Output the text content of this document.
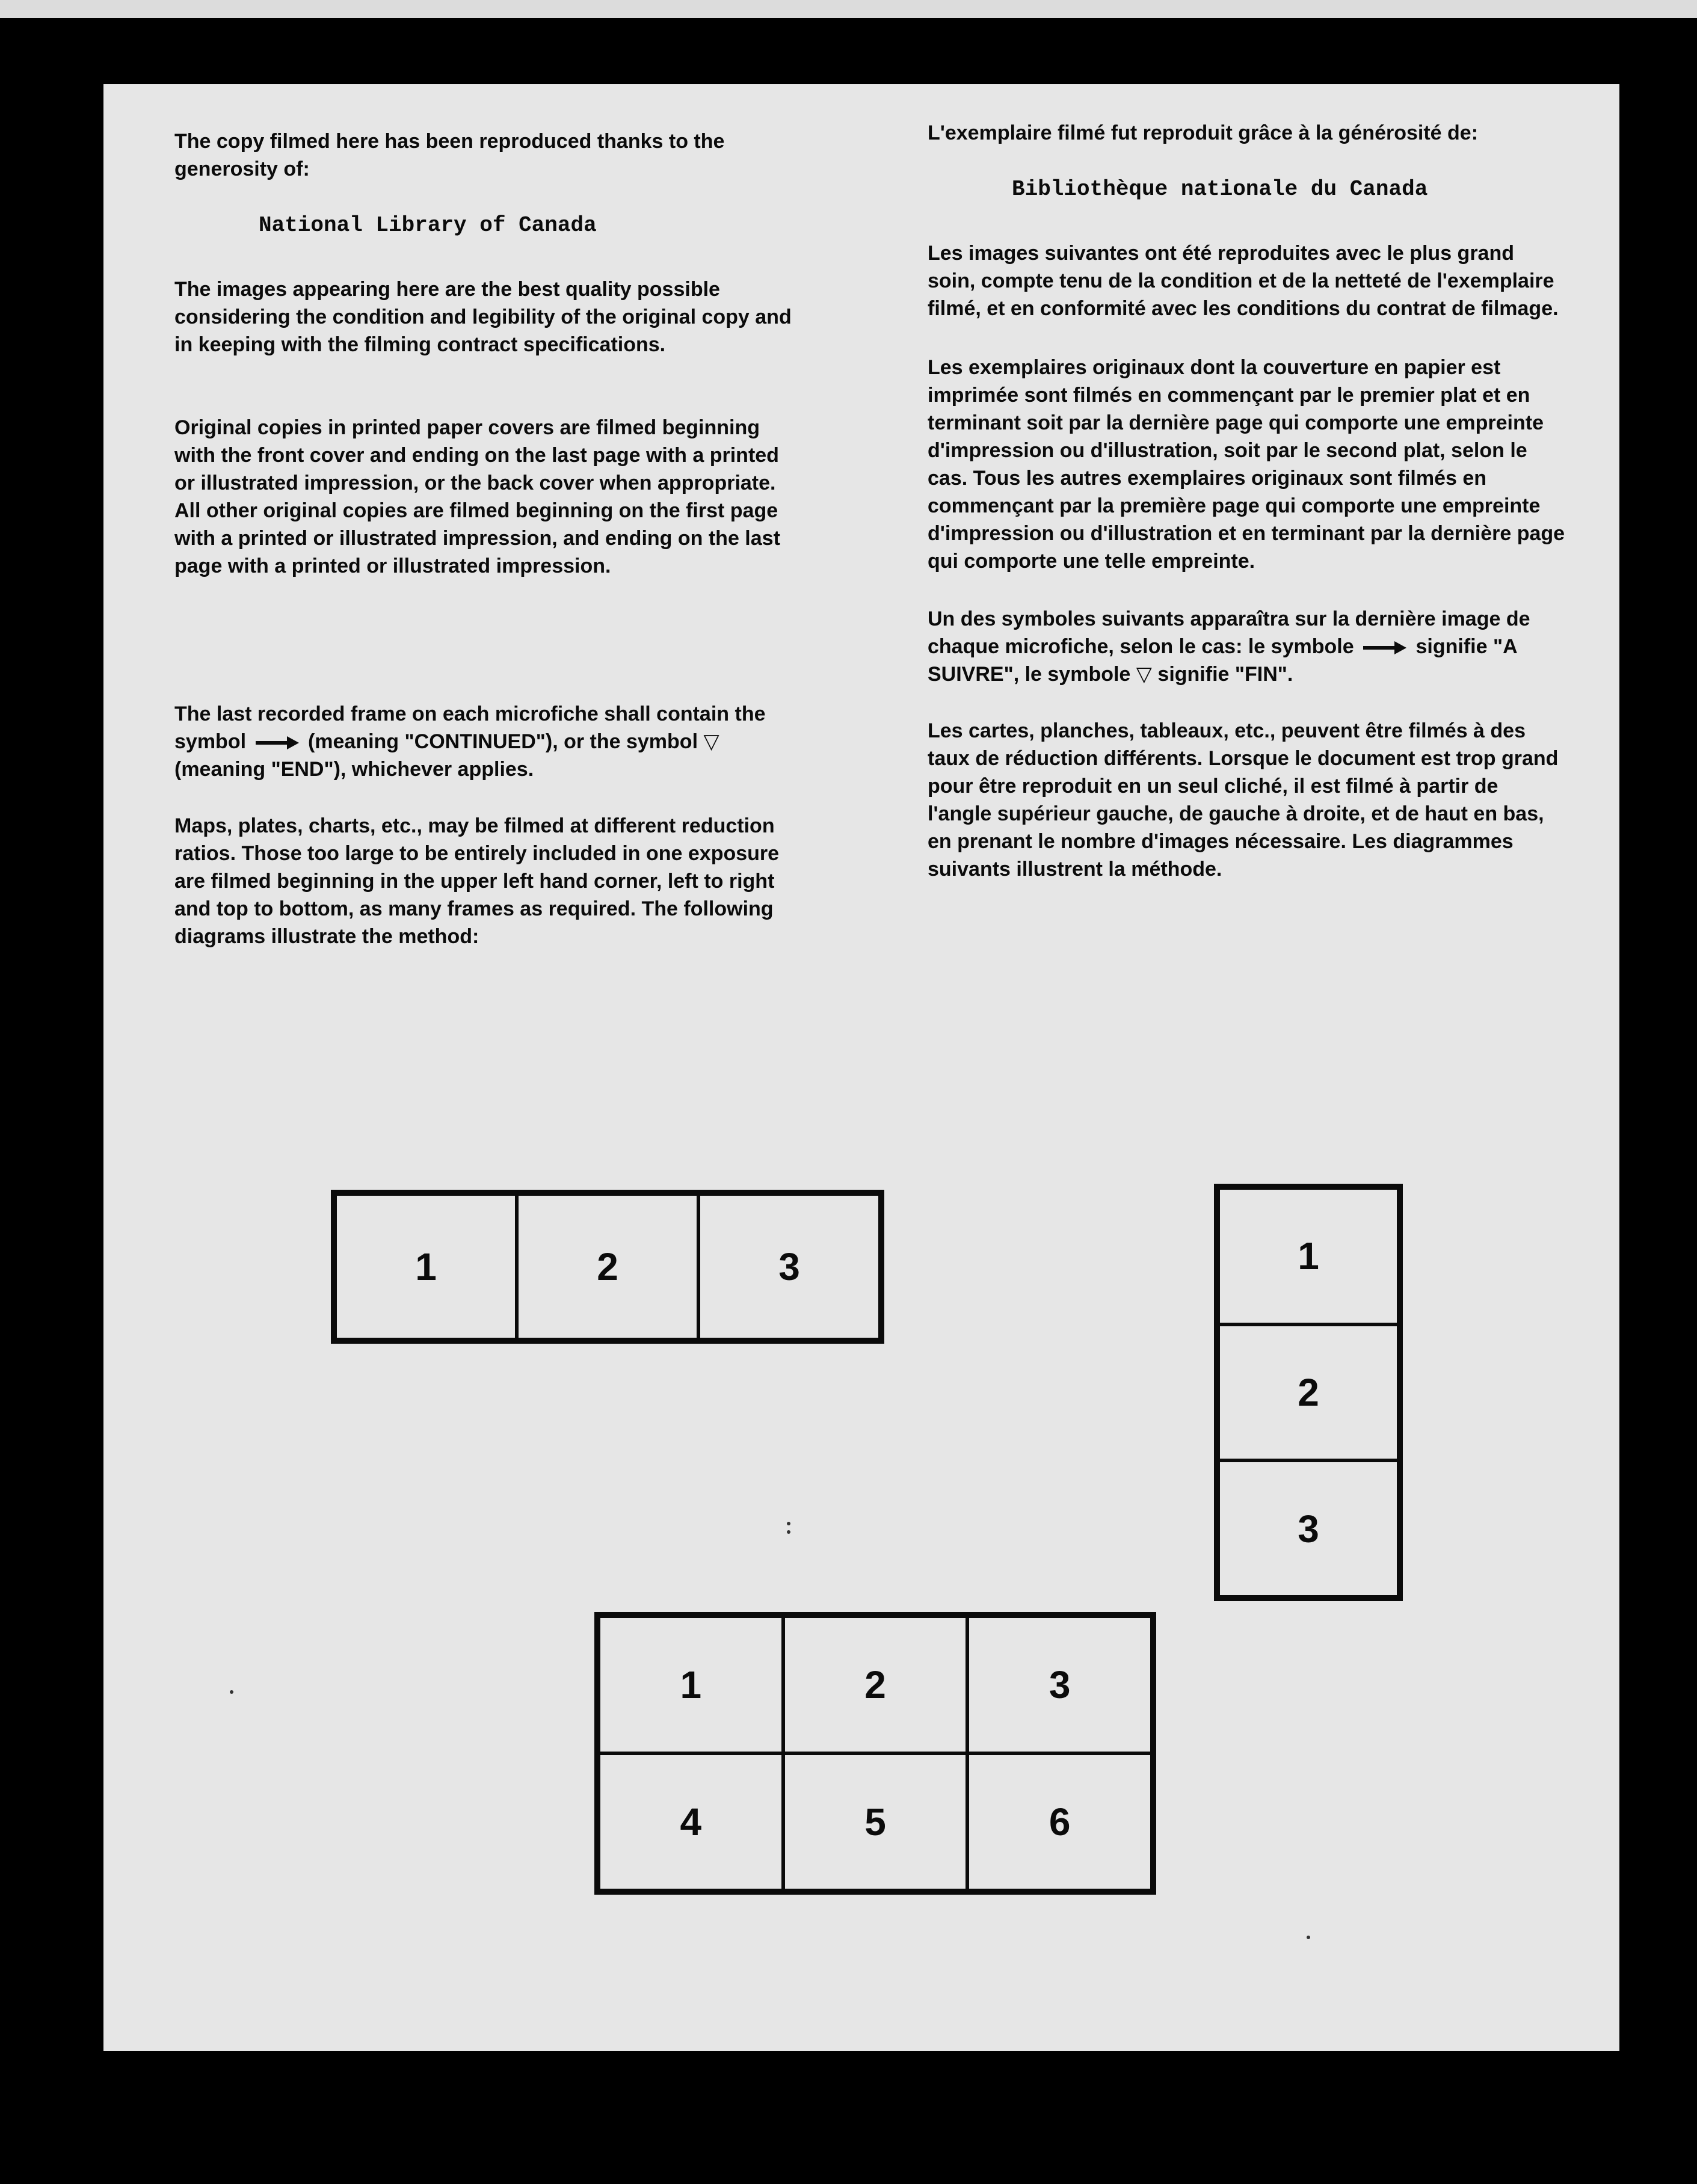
The copy filmed here has been reproduced thanks to the generosity of:

National Library of Canada

The images appearing here are the best quality possible considering the condition and legibility of the original copy and in keeping with the filming contract specifications.

Original copies in printed paper covers are filmed beginning with the front cover and ending on the last page with a printed or illustrated impression, or the back cover when appropriate. All other original copies are filmed beginning on the first page with a printed or illustrated impression, and ending on the last page with a printed or illustrated impression.

The last recorded frame on each microfiche shall contain the symbol	(meaning "CONTINUED"), or the symbol ▽ (meaning "END"), whichever applies.

Maps, plates, charts, etc., may be filmed at different reduction ratios. Those too large to be entirely included in one exposure are filmed beginning in the upper left hand corner, left to right and top to bottom, as many frames as required. The following diagrams illustrate the method:

L'exemplaire filmé fut reproduit grâce à la générosité de:

Bibliothèque nationale du Canada

Les images suivantes ont été reproduites avec le plus grand soin, compte tenu de la condition et de la netteté de l'exemplaire filmé, et en conformité avec les conditions du contrat de filmage.

Les exemplaires originaux dont la couverture en papier est imprimée sont filmés en commençant par le premier plat et en terminant soit par la dernière page qui comporte une empreinte d'impression ou d'illustration, soit par le second plat, selon le cas. Tous les autres exemplaires originaux sont filmés en commençant par la première page qui comporte une empreinte d'impression ou d'illustration et en terminant par la dernière page qui comporte une telle empreinte.

Un des symboles suivants apparaîtra sur la dernière image de chaque microfiche, selon le cas: le symbole	signifie "A SUIVRE", le symbole ▽ signifie "FIN".

Les cartes, planches, tableaux, etc., peuvent être filmés à des taux de réduction différents. Lorsque le document est trop grand pour être reproduit en un seul cliché, il est filmé à partir de l'angle supérieur gauche, de gauche à droite, et de haut en bas, en prenant le nombre d'images nécessaire. Les diagrammes suivants illustrent la méthode.

1	2	3	1
2
3
1	2	3
4	5	6
